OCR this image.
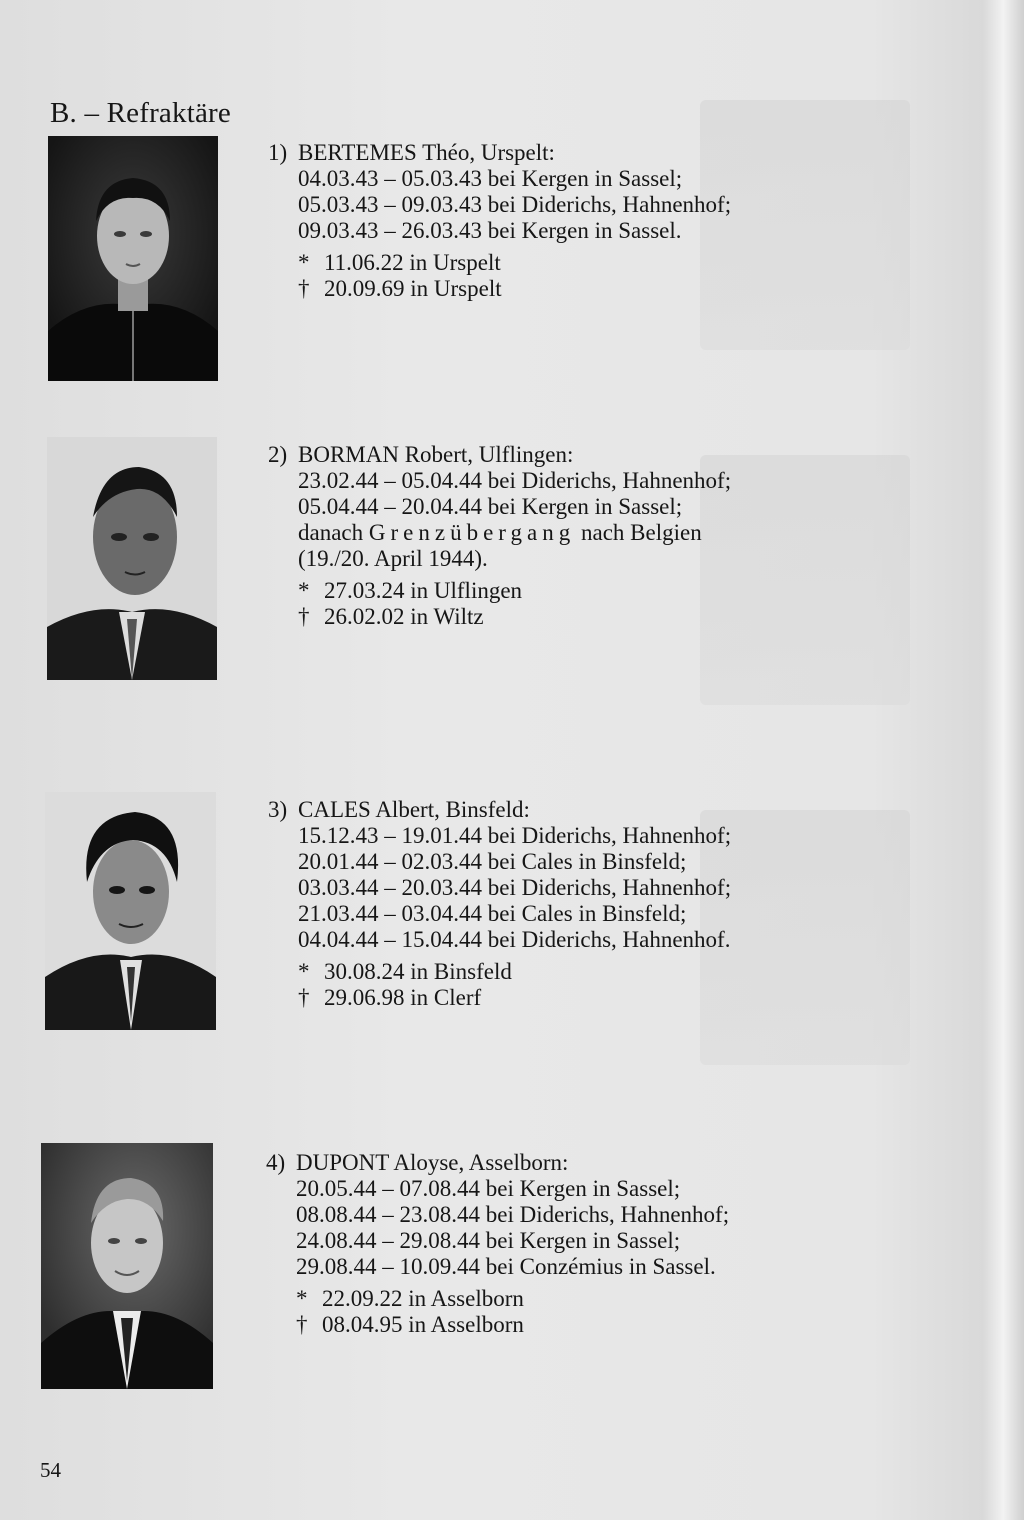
B. – Refraktäre
1) BERTEMES Théo, Urspelt:
04.03.43 – 05.03.43 bei Kergen in Sassel;
05.03.43 – 09.03.43 bei Diderichs, Hahnenhof;
09.03.43 – 26.03.43 bei Kergen in Sassel.
* 11.06.22 in Urspelt
† 20.09.69 in Urspelt
2) BORMAN Robert, Ulflingen:
23.02.44 – 05.04.44 bei Diderichs, Hahnenhof;
05.04.44 – 20.04.44 bei Kergen in Sassel;
danach Grenzübergang nach Belgien
(19./20. April 1944).
* 27.03.24 in Ulflingen
† 26.02.02 in Wiltz
3) CALES Albert, Binsfeld:
15.12.43 – 19.01.44 bei Diderichs, Hahnenhof;
20.01.44 – 02.03.44 bei Cales in Binsfeld;
03.03.44 – 20.03.44 bei Diderichs, Hahnenhof;
21.03.44 – 03.04.44 bei Cales in Binsfeld;
04.04.44 – 15.04.44 bei Diderichs, Hahnenhof.
* 30.08.24 in Binsfeld
† 29.06.98 in Clerf
4) DUPONT Aloyse, Asselborn:
20.05.44 – 07.08.44 bei Kergen in Sassel;
08.08.44 – 23.08.44 bei Diderichs, Hahnenhof;
24.08.44 – 29.08.44 bei Kergen in Sassel;
29.08.44 – 10.09.44 bei Conzémius in Sassel.
* 22.09.22 in Asselborn
† 08.04.95 in Asselborn
54
